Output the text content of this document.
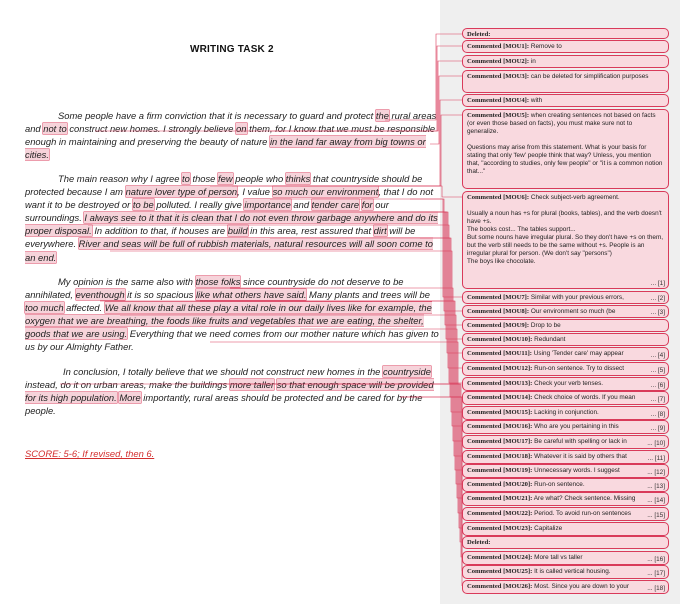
WRITING TASK 2

Some people have a firm conviction that it is necessary to guard and protect the rural areas and not to construct new homes. I strongly believe on them, for I know that we must be responsible enough in maintaining and preserving the beauty of nature in the land far away from big towns or cities.

The main reason why I agree to those few people who thinks that countryside should be protected because I am nature lover type of person, I value so much our environment, that I do not want it to be destroyed or to be polluted. I really give importance and tender care for our surroundings. I always see to it that it is clean that I do not even throw garbage anywhere and do its proper disposal. In addition to that, if houses are build in this area, rest assured that dirt will be everywhere. River and seas will be full of rubbish materials, natural resources will all soon come to an end.

My opinion is the same also with those folks since countryside do not deserve to be annihilated, eventhough it is so spacious like what others have said. Many plants and trees will be too much affected. We all know that all these play a vital role in our daily lives like for example, the oxygen that we are breathing, the foods like fruits and vegetables that we are eating, the shelter, goods that we are using. Everything that we need comes from our mother nature which has given to us by our Almighty Father.

In conclusion, I totally believe that we should not construct new homes in the countryside instead, do it on urban areas, make the buildings more taller so that enough space will be provided for its high population. More importantly, rural areas should be protected and be cared for by the people.

SCORE: 5-6; If revised, then 6.
Deleted:
Commented [MOU1]: Remove to
Commented [MOU2]: in
Commented [MOU3]: can be deleted for simplification purposes
Commented [MOU4]: with
Commented [MOU5]: when creating sentences not based on facts (or even those based on facts), you must make sure not to generalize.

Questions may arise from this statement. What is your basis for stating that only 'few' people think that way? Unless, you mention that, "according to studies, only few people" or "it is a common notion that..."
Commented [MOU6]: Check subject-verb agreement.

Usually a noun has +s for plural (books, tables), and the verb doesn't have +s.
The books cost... The tables support...
But some nouns have irregular plural. So they don't have +s on them, but the verb still needs to be the same without +s. People is an irregular plural for person. (We don't say "persons")
The boys like chocolate.
... [1]
Commented [MOU7]: Similar with your previous errors,	... [2]
Commented [MOU8]: Our environment so much (be	... [3]
Commented [MOU9]: Drop to be
Commented [MOU10]: Redundant
Commented [MOU11]: Using 'Tender care' may appear	... [4]
Commented [MOU12]: Run-on sentence. Try to dissect	... [5]
Commented [MOU13]: Check your verb tenses.	... [6]
Commented [MOU14]: Check choice of words. If you mean	... [7]
Commented [MOU15]: Lacking in conjunction.	... [8]
Commented [MOU16]: Who are you pertaining in this	... [9]
Commented [MOU17]: Be careful with spelling or lack in	... [10]
Commented [MOU18]: Whatever it is said by others that	... [11]
Commented [MOU19]: Unnecessary words. I suggest	... [12]
Commented [MOU20]: Run-on sentence.	... [13]
Commented [MOU21]: Are what? Check sentence. Missing	... [14]
Commented [MOU22]: Period. To avoid run-on sentences	... [15]
Commented [MOU23]: Capitalize
Deleted:
Commented [MOU24]: More tall vs taller	... [16]
Commented [MOU25]: It is called vertical housing.	... [17]
Commented [MOU26]: Most. Since you are down to your	... [18]
